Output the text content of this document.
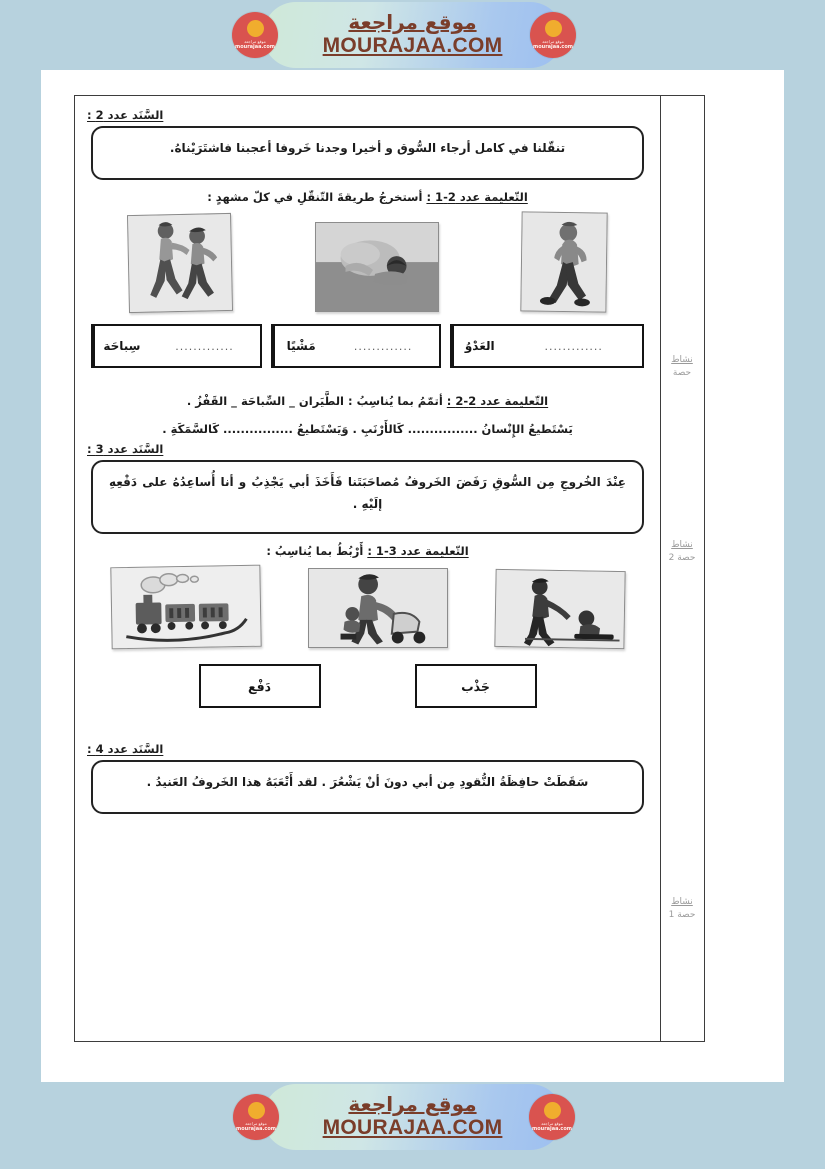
موقع مراجعة
mourajaa.com
موقع مراجعة
MOURAJAA.COM	موقع مراجعة
mourajaa.com
نشاط
حصة
نشاط
حصة 2
نشاط
حصة 1
السَّنَد عدد 2 :
تنقّلنا في كامل أرجاء السُّوق و أخيرا وجدنا خَروفا أعجبنا فاشتَرَيْناهُ.
التّعليمة عدد 2-1 : أستخرجُ طريقةَ التّنقّلِ في كلّ مشهدٍ :
.............
العَدْوُ
.............
مَشْيًا
.............
سِباحَة
التّعليمة عدد 2-2 : أتمّمُ بما يُناسِبُ : الطَّيَران _ السِّباحَة _ القَفْزُ .
يَسْتَطيعُ الإِنْسانُ ................ كَالأَرْنَبِ . وَيَسْتَطيعُ ................ كَالسَّمَكَةِ .
السَّنَد عدد 3 :
عِنْدَ الخُروجِ مِن السُّوقِ رَفَضَ الخَروفُ مُصاحَبَتَنا فَأَخَذَ أبي يَجْذِبُ و أنا أُساعِدُهُ على دَفْعِهِ إلَيْهِ .
التّعليمة عدد 3-1 : أَرْبُطُ بما يُناسِبُ :
جَذْب
دَفْع
السَّنَد عدد 4 :
سَقَطَتْ حافِظَةُ النُّقودِ مِن أبي دونَ أنْ يَشْعُرَ . لقد أَتْعَبَهُ هذا الخَروفُ العَنيدُ .
موقع مراجعة
mourajaa.com
موقع مراجعة
MOURAJAA.COM	موقع مراجعة
mourajaa.com
